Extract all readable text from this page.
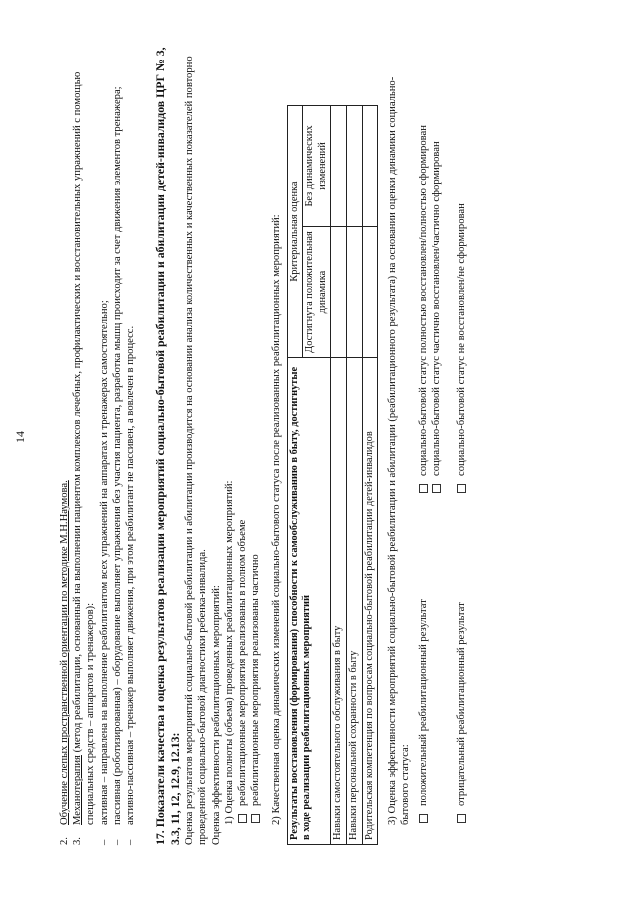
14
2.
Обучение слепых пространственной ориентации по методике М.Н.Наумова.
3.
Механотерапия (метод реабилитации, основанный на выполнении пациентом комплексов лечебных, профилактических и восстановительных упражнений с помощью специальных средств – аппаратов и тренажеров):
–
активная – направлена на выполнение реабилитантом всех упражнений на аппаратах и тренажерах самостоятельно;
–
пассивная (роботизированная) – оборудование выполняет упражнения без участия пациента, разработка мышц происходит за счет движения элементов тренажера;
–
активно-пассивная – тренажер выполняет движения, при этом реабилитант не пассивен, а вовлечен в процесс. 17. Показатели качества и оценка результатов реализации мероприятий социально-бытовой реабилитации и абилитации детей-инвалидов ЦРГ № 3, 3.3, 11, 12, 12.9, 12.13: Оценка результатов мероприятий социально-бытовой реабилитации и абилитации производится на основании анализа количественных и качественных показателей повторно проведенной социально-бытовой диагностики ребенка-инвалида. Оценка эффективности реабилитационных мероприятий: 1) Оценка полноты (объема) проведенных реабилитационных мероприятий: реабилитационные мероприятия реализованы в полном объеме реабилитационные мероприятия реализованы частично 2) Качественная оценка динамических изменений социально-бытового статуса после реализованных реабилитационных мероприятий: Результаты восстановления (формирования) способности к самообслуживанию в быту, достигнутые в ходе реализации реабилитационных мероприятий	Критериальная оценка	
	Достигнута положительная динамика	Без динамических изменений
Навыки самостоятельного обслуживания в быту		
Навыки персональной сохранности в быту		
Родительская компетенция по вопросам социально-бытовой реабилитации детей-инвалидов		3) Оценка эффективности мероприятий социально-бытовой реабилитации и абилитации (реабилитационного результата) на основании оценки динамики социально-бытового статуса: положительный реабилитационный результат
социально-бытовой статус полностью восстановлен/полностью сформирован социально-бытовой статус частично восстановлен/частично сформирован
отрицательный реабилитационный результат
социально-бытовой статус не восстановлен/не сформирован
